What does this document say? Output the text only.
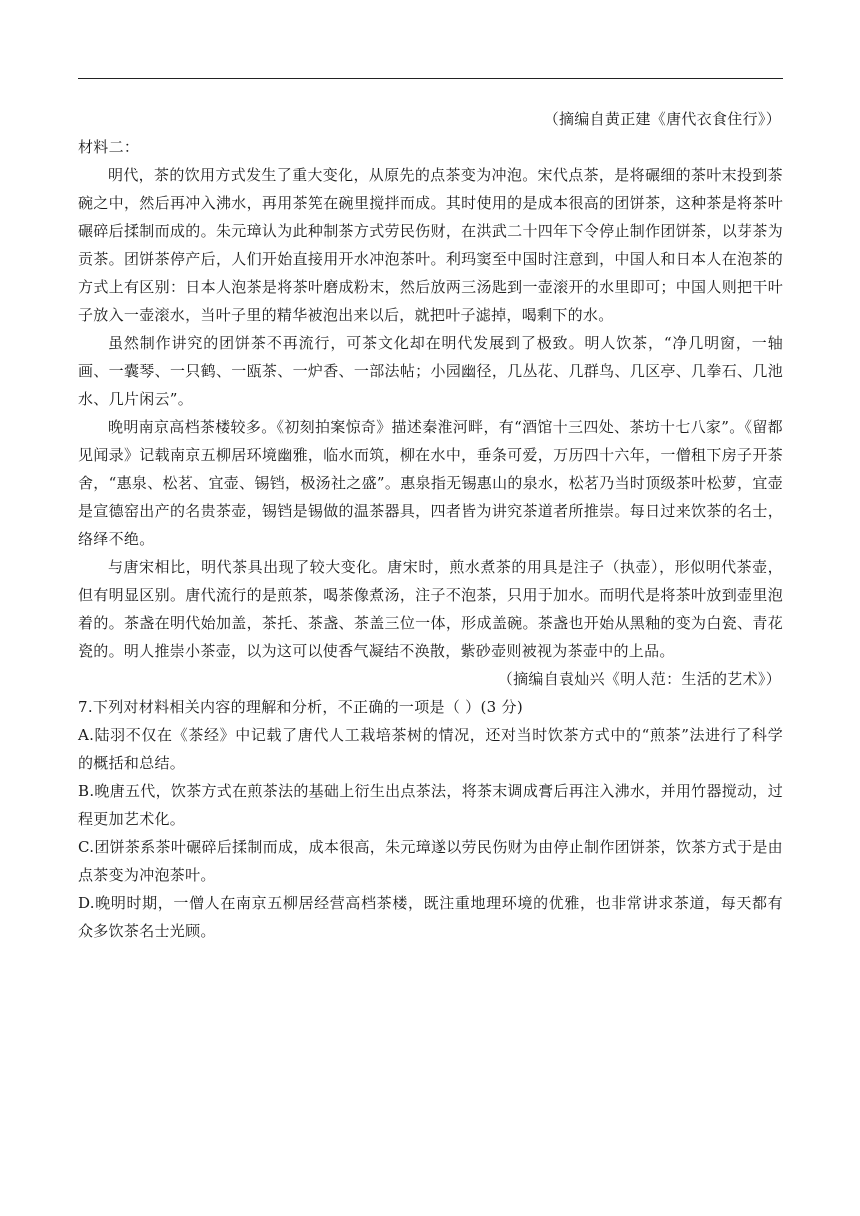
（摘编自黄正建《唐代衣食住行》）

材料二：

明代，茶的饮用方式发生了重大变化，从原先的点茶变为冲泡。宋代点茶，是将碾细的茶叶末投到茶碗之中，然后再冲入沸水，再用茶筅在碗里搅拌而成。其时使用的是成本很高的团饼茶，这种茶是将茶叶碾碎后揉制而成的。朱元璋认为此种制茶方式劳民伤财，在洪武二十四年下令停止制作团饼茶，以芽茶为贡茶。团饼茶停产后，人们开始直接用开水冲泡茶叶。利玛窦至中国时注意到，中国人和日本人在泡茶的方式上有区别：日本人泡茶是将茶叶磨成粉末，然后放两三汤匙到一壶滚开的水里即可；中国人则把干叶子放入一壶滚水，当叶子里的精华被泡出来以后，就把叶子滤掉，喝剩下的水。

虽然制作讲究的团饼茶不再流行，可茶文化却在明代发展到了极致。明人饮茶，“净几明窗，一轴画、一囊琴、一只鹤、一瓯茶、一炉香、一部法帖；小园幽径，几丛花、几群鸟、几区亭、几拳石、几池水、几片闲云”。

晚明南京高档茶楼较多。《初刻拍案惊奇》描述秦淮河畔，有“酒馆十三四处、茶坊十七八家”。《留都见闻录》记载南京五柳居环境幽雅，临水而筑，柳在水中，垂条可爱，万历四十六年，一僧租下房子开茶舍，“惠泉、松茗、宜壶、锡铛，极汤社之盛”。惠泉指无锡惠山的泉水，松茗乃当时顶级茶叶松萝，宜壶是宣德窑出产的名贵茶壶，锡铛是锡做的温茶器具，四者皆为讲究茶道者所推崇。每日过来饮茶的名士，络绎不绝。

与唐宋相比，明代茶具出现了较大变化。唐宋时，煎水煮茶的用具是注子（执壶），形似明代茶壶，但有明显区别。唐代流行的是煎茶，喝茶像煮汤，注子不泡茶，只用于加水。而明代是将茶叶放到壶里泡着的。茶盏在明代始加盖，茶托、茶盏、茶盖三位一体，形成盖碗。茶盏也开始从黑釉的变为白瓷、青花瓷的。明人推崇小茶壶，以为这可以使香气凝结不涣散，紫砂壶则被视为茶壶中的上品。

（摘编自袁灿兴《明人范：生活的艺术》）

7.下列对材料相关内容的理解和分析，不正确的一项是（ ）(3 分)

A.陆羽不仅在《茶经》中记载了唐代人工栽培茶树的情况，还对当时饮茶方式中的“煎茶”法进行了科学的概括和总结。

B.晚唐五代，饮茶方式在煎茶法的基础上衍生出点茶法，将茶末调成膏后再注入沸水，并用竹器搅动，过程更加艺术化。

C.团饼茶系茶叶碾碎后揉制而成，成本很高，朱元璋遂以劳民伤财为由停止制作团饼茶，饮茶方式于是由点茶变为冲泡茶叶。

D.晚明时期，一僧人在南京五柳居经营高档茶楼，既注重地理环境的优雅，也非常讲求茶道，每天都有众多饮茶名士光顾。
